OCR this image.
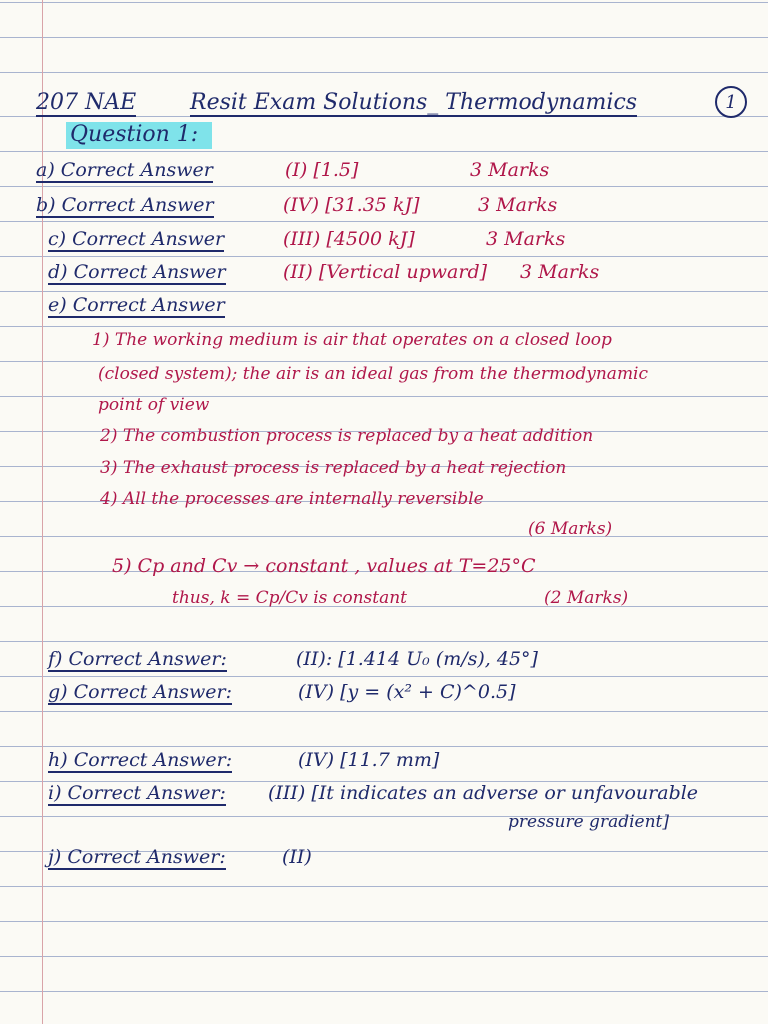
207 NAE Resit Exam Solutions_ Thermodynamics	1
Question 1:
a) Correct Answer	(I) [1.5]	3 Marks
b) Correct Answer	(IV) [31.35 kJ]	3 Marks
c) Correct Answer	(III) [4500 kJ]	3 Marks
d) Correct Answer	(II) [Vertical upward] 3 Marks
e) Correct Answer
1) The working medium is air that operates on a closed loop
(closed system); the air is an ideal gas from the thermodynamic
point of view
2) The combustion process is replaced by a heat addition
3) The exhaust process is replaced by a heat rejection
4) All the processes are internally reversible
(6 Marks)
5) Cp and Cv → constant , values at T=25°C
thus, k = Cp/Cv is constant	(2 Marks)
f) Correct Answer:	(II): [1.414 U₀ (m/s), 45°]
g) Correct Answer:	(IV) [y = (x² + C)^0.5]
h) Correct Answer:	(IV) [11.7 mm]
i) Correct Answer: (III) [It indicates an adverse or unfavourable
pressure gradient]
j) Correct Answer:	(II)
